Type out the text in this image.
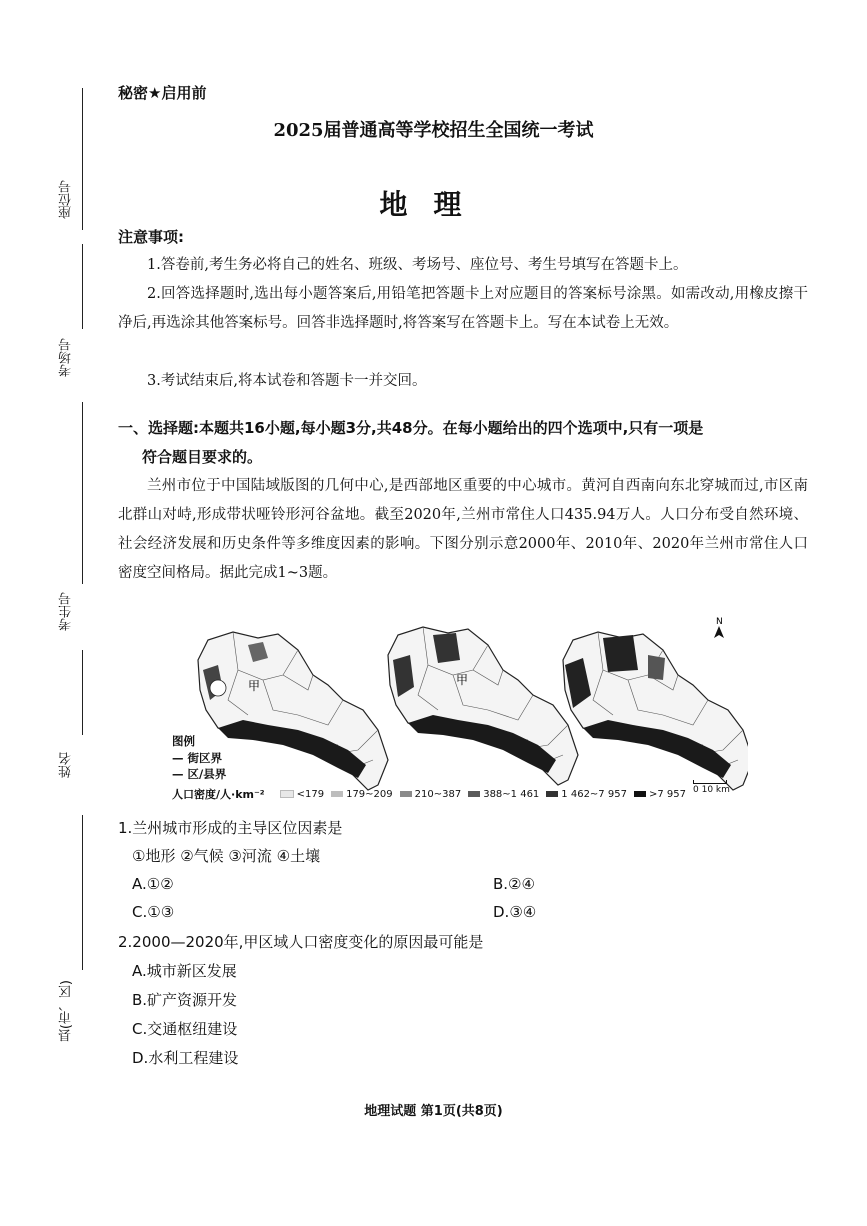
座位号
考场号
考生号
姓名
县(市、区)
秘密★启用前
2025届普通高等学校招生全国统一考试
地理
注意事项:
1.答卷前,考生务必将自己的姓名、班级、考场号、座位号、考生号填写在答题卡上。
2.回答选择题时,选出每小题答案后,用铅笔把答题卡上对应题目的答案标号涂黑。如需改动,用橡皮擦干净后,再选涂其他答案标号。回答非选择题时,将答案写在答题卡上。写在本试卷上无效。
3.考试结束后,将本试卷和答题卡一并交回。
一、选择题:本题共16小题,每小题3分,共48分。在每小题给出的四个选项中,只有一项是
符合题目要求的。
兰州市位于中国陆域版图的几何中心,是西部地区重要的中心城市。黄河自西南向东北穿城而过,市区南北群山对峙,形成带状哑铃形河谷盆地。截至2020年,兰州市常住人口435.94万人。人口分布受自然环境、社会经济发展和历史条件等多维度因素的影响。下图分别示意2000年、2010年、2020年兰州市常住人口密度空间格局。据此完成1~3题。
甲	甲
N
图例
— 街区界
— 区/县界
人口密度/人·km⁻²	<179 179~209 210~387 388~1 461 1 462~7 957 >7 957 0 10 km
1.兰州城市形成的主导区位因素是
①地形 ②气候 ③河流 ④土壤
A.①②	B.②④
C.①③	D.③④
2.2000—2020年,甲区域人口密度变化的原因最可能是
A.城市新区发展
B.矿产资源开发
C.交通枢纽建设
D.水利工程建设
地理试题 第1页(共8页)
